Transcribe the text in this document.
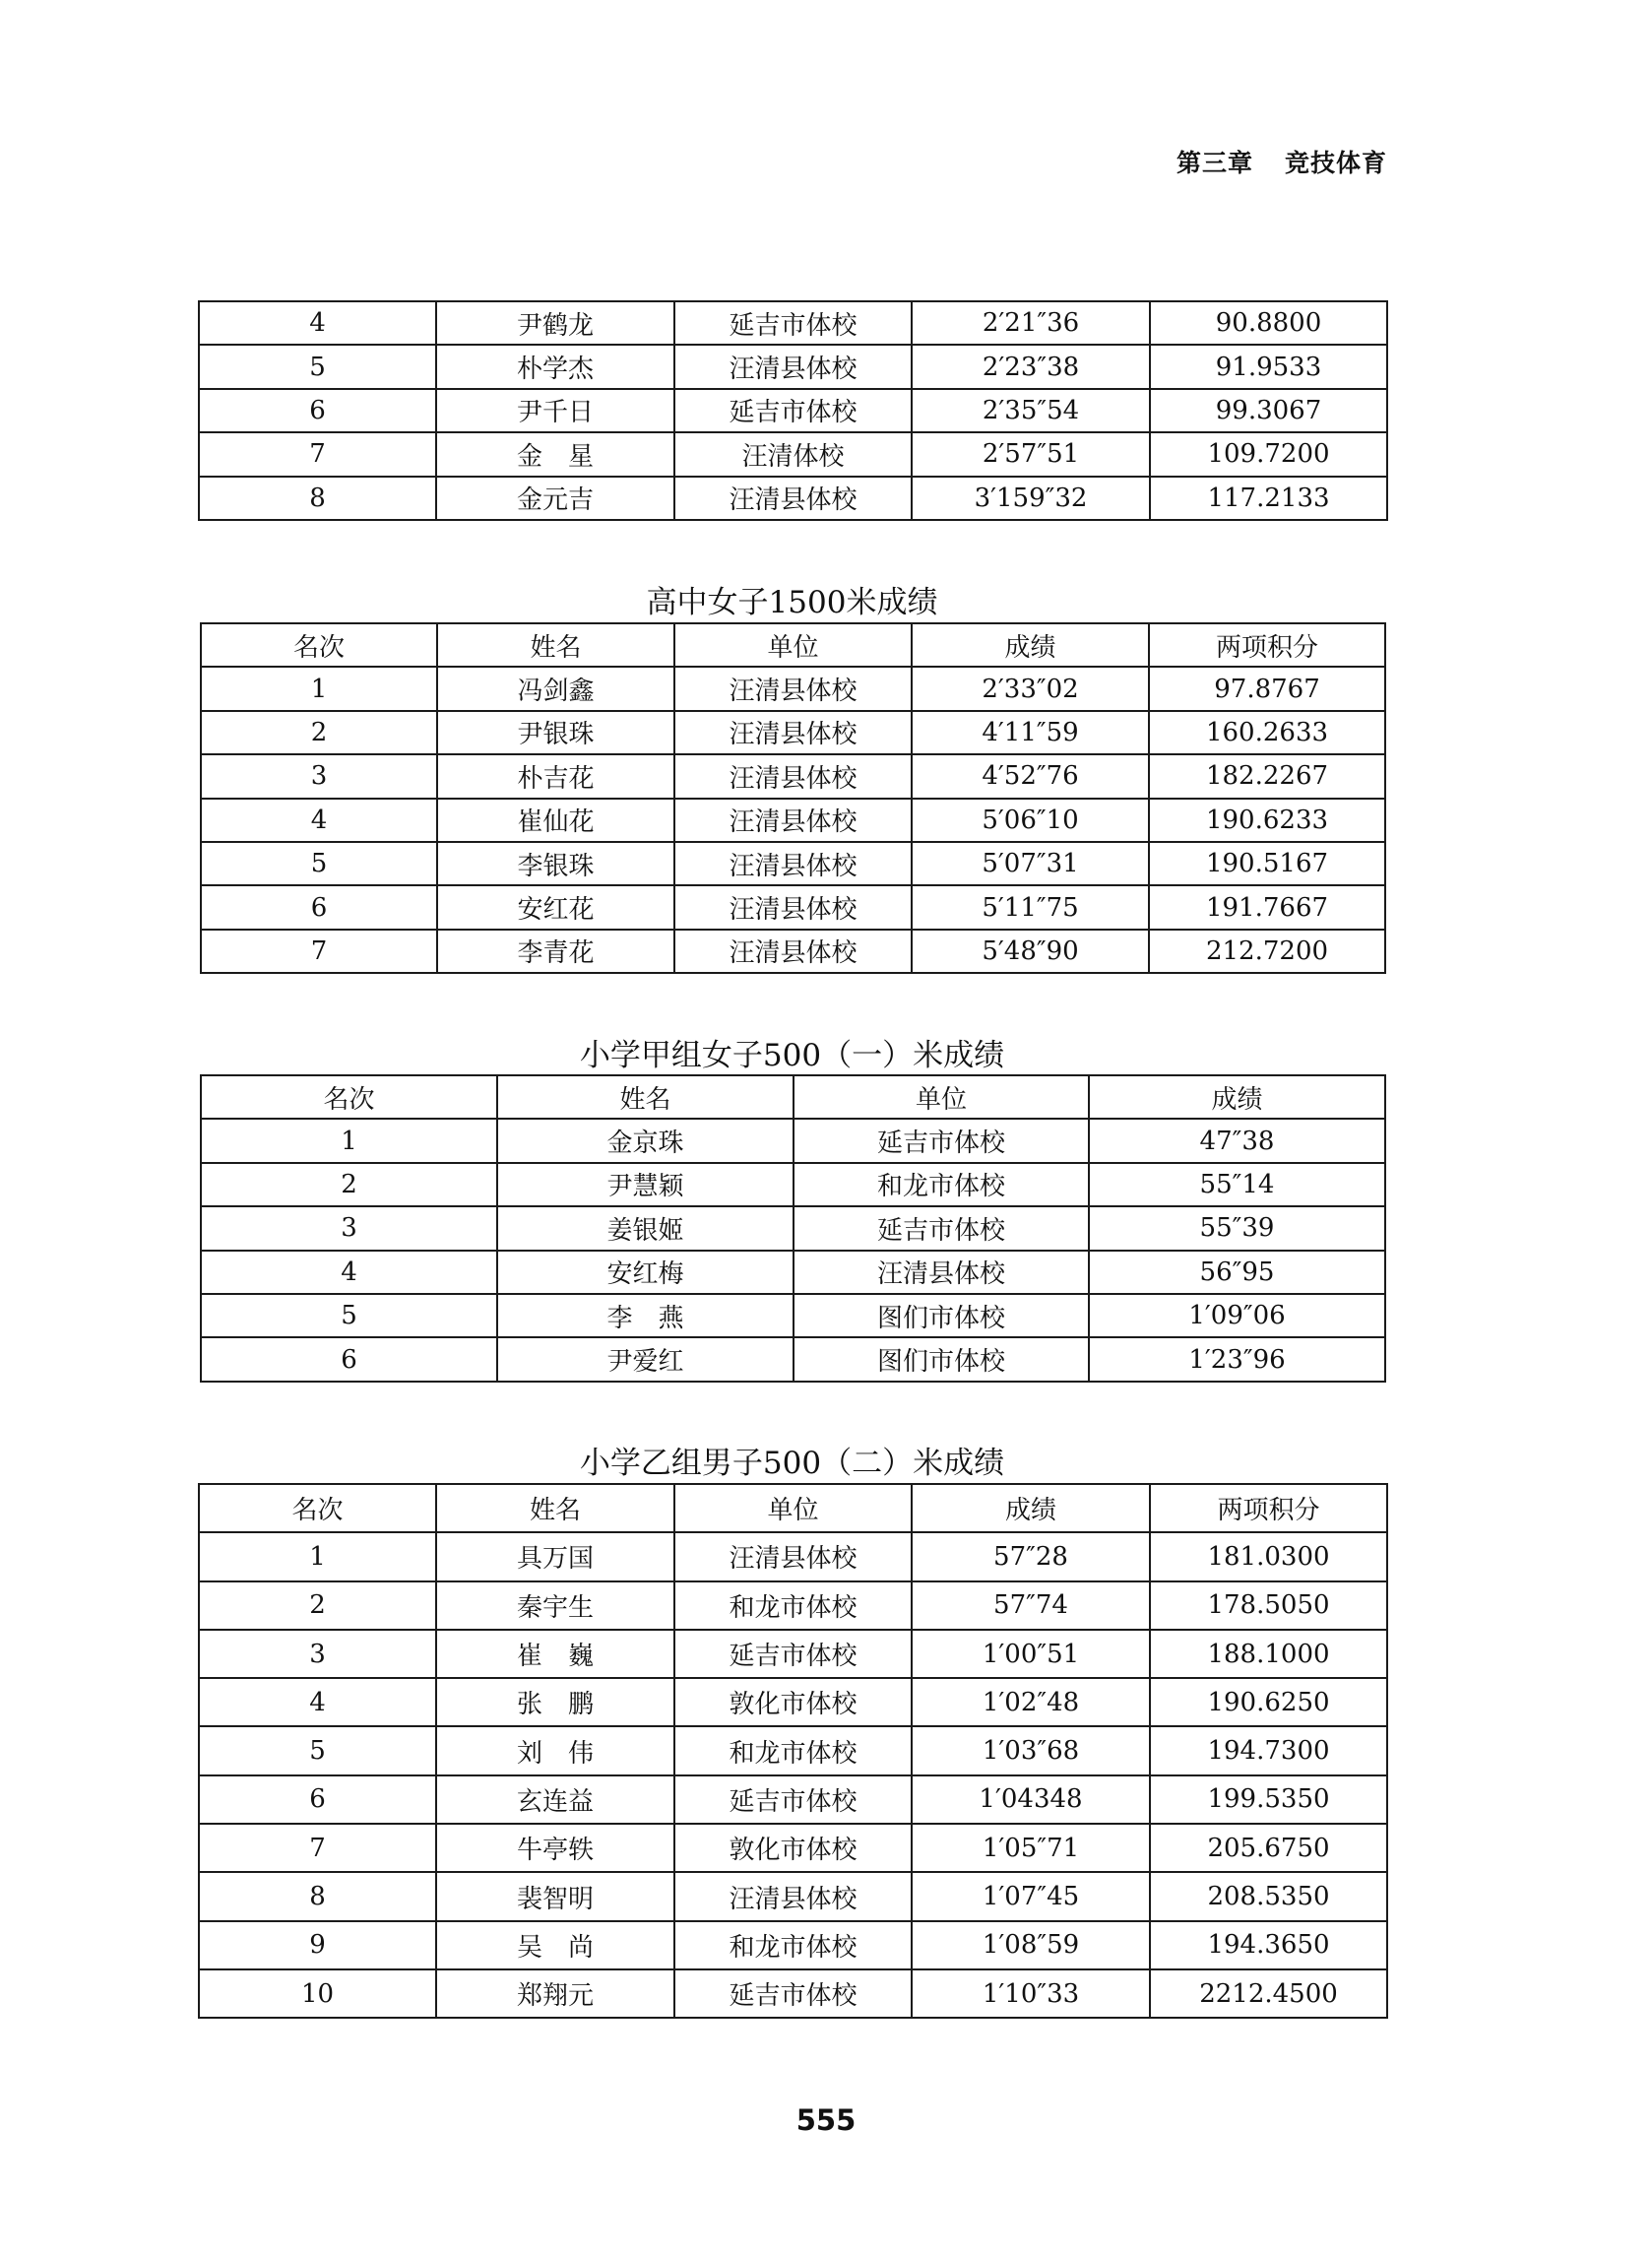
第三章 竞技体育
4	尹鹤龙	延吉市体校	2′21″36	90.8800
5	朴学杰	汪清县体校	2′23″38	91.9533
6	尹千日	延吉市体校	2′35″54	99.3067
7	金　星	汪清体校	2′57″51	109.7200
8	金元吉	汪清县体校	3′159″32	117.2133
高中女子1500米成绩
名次	姓名	单位	成绩	两项积分
1	冯剑鑫	汪清县体校	2′33″02	97.8767
2	尹银珠	汪清县体校	4′11″59	160.2633
3	朴吉花	汪清县体校	4′52″76	182.2267
4	崔仙花	汪清县体校	5′06″10	190.6233
5	李银珠	汪清县体校	5′07″31	190.5167
6	安红花	汪清县体校	5′11″75	191.7667
7	李青花	汪清县体校	5′48″90	212.7200
小学甲组女子500（一）米成绩
名次	姓名	单位	成绩
1	金京珠	延吉市体校	47″38
2	尹慧颖	和龙市体校	55″14
3	姜银姬	延吉市体校	55″39
4	安红梅	汪清县体校	56″95
5	李　燕	图们市体校	1′09″06
6	尹爱红	图们市体校	1′23″96
小学乙组男子500（二）米成绩
名次	姓名	单位	成绩	两项积分
1	具万国	汪清县体校	57″28	181.0300
2	秦宇生	和龙市体校	57″74	178.5050
3	崔　巍	延吉市体校	1′00″51	188.1000
4	张　鹏	敦化市体校	1′02″48	190.6250
5	刘　伟	和龙市体校	1′03″68	194.7300
6	玄连益	延吉市体校	1′04348	199.5350
7	牛亭轶	敦化市体校	1′05″71	205.6750
8	裴智明	汪清县体校	1′07″45	208.5350
9	吴　尚	和龙市体校	1′08″59	194.3650
10	郑翔元	延吉市体校	1′10″33	2212.4500
555
